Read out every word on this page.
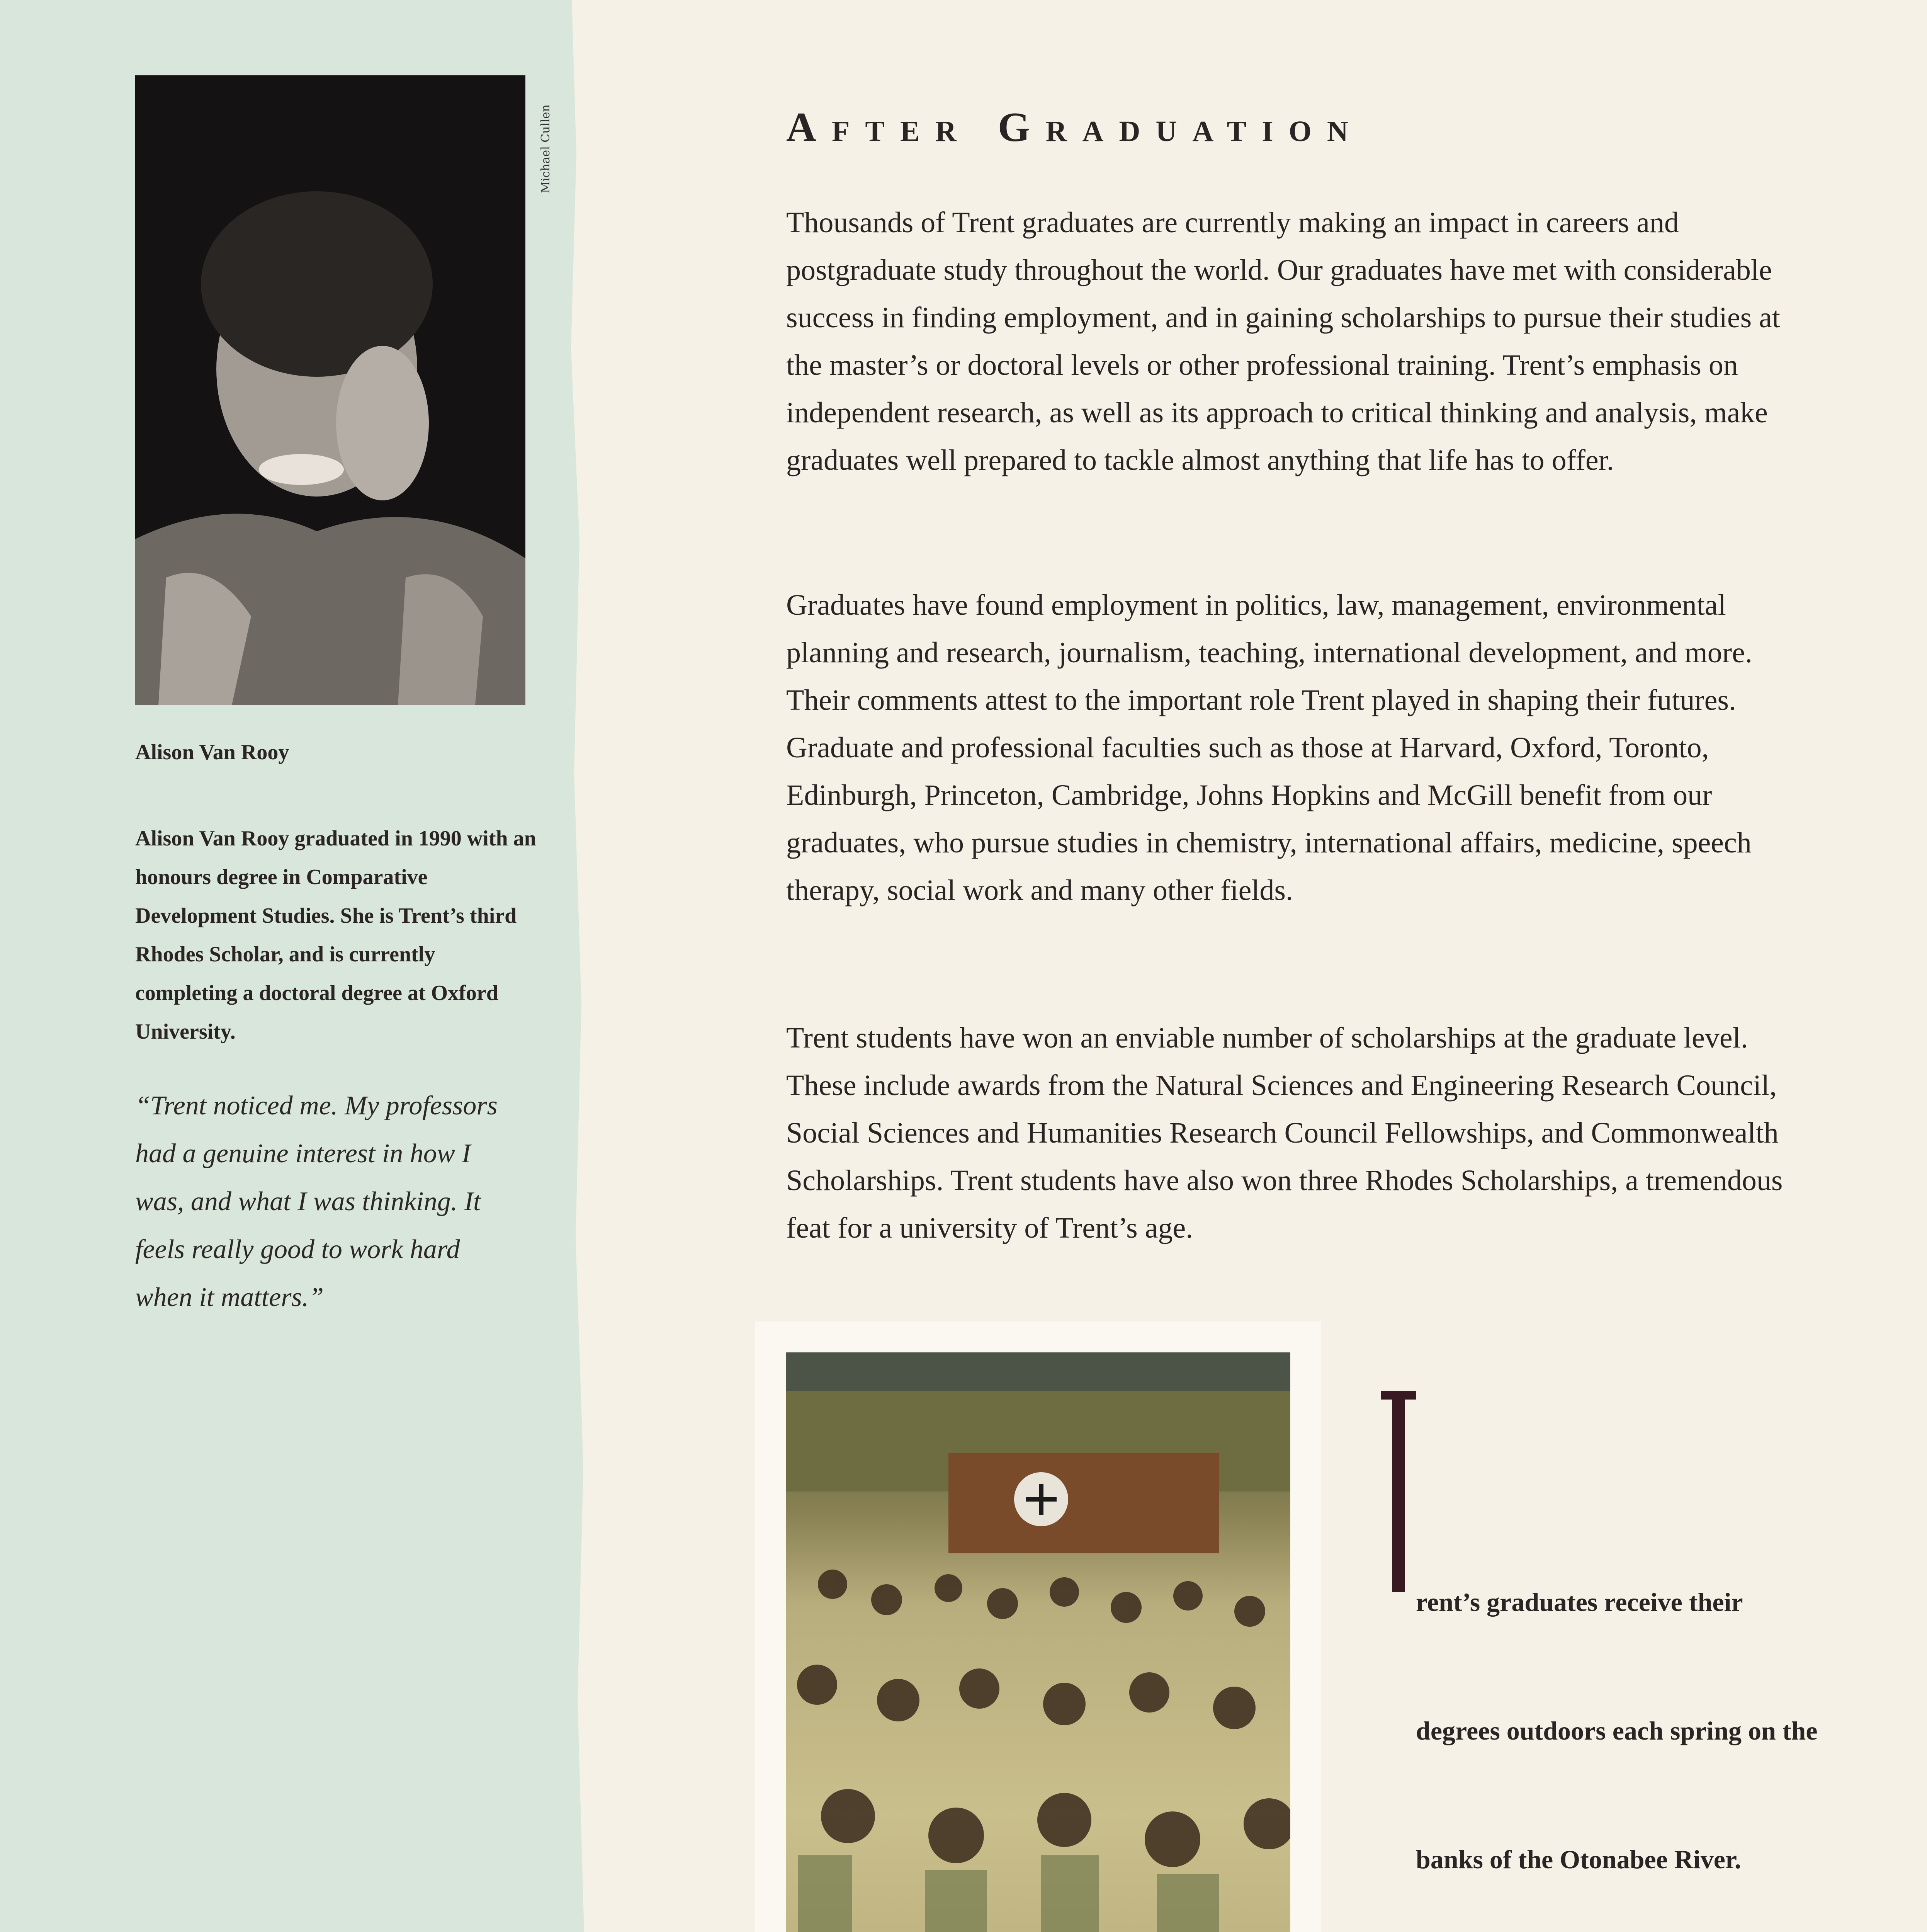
Michael Cullen
Alison Van Rooy
Alison Van Rooy graduated in 1990 with an honours degree in Comparative Development Studies. She is Trent’s third Rhodes Scholar, and is currently completing a doctoral degree at Oxford University.
“Trent noticed me. My professors had a genuine interest in how I was, and what I was thinking. It feels really good to work hard when it matters.”
After Graduation
Thousands of Trent graduates are currently making an impact in careers and postgraduate study throughout the world. Our graduates have met with considerable success in finding employment, and in gaining scholarships to pursue their studies at the master’s or doctoral levels or other professional training. Trent’s emphasis on independent research, as well as its approach to critical thinking and analysis, make graduates well prepared to tackle almost anything that life has to offer.
Graduates have found employment in politics, law, management, environmental planning and research, journalism, teaching, international development, and more. Their comments attest to the important role Trent played in shaping their futures. Graduate and professional faculties such as those at Harvard, Oxford, Toronto, Edinburgh, Princeton, Cambridge, Johns Hopkins and McGill benefit from our graduates, who pursue studies in chemistry, international affairs, medicine, speech therapy, social work and many other fields.
Trent students have won an enviable number of scholarships at the graduate level. These include awards from the Natural Sciences and Engineering Research Council, Social Sciences and Humanities Research Council Fellowships, and Commonwealth Scholarships. Trent students have also won three Rhodes Scholarships, a tremendous feat for a university of Trent’s age.
rent’s graduates receive their degrees outdoors each spring on the banks of the Otonabee River.
